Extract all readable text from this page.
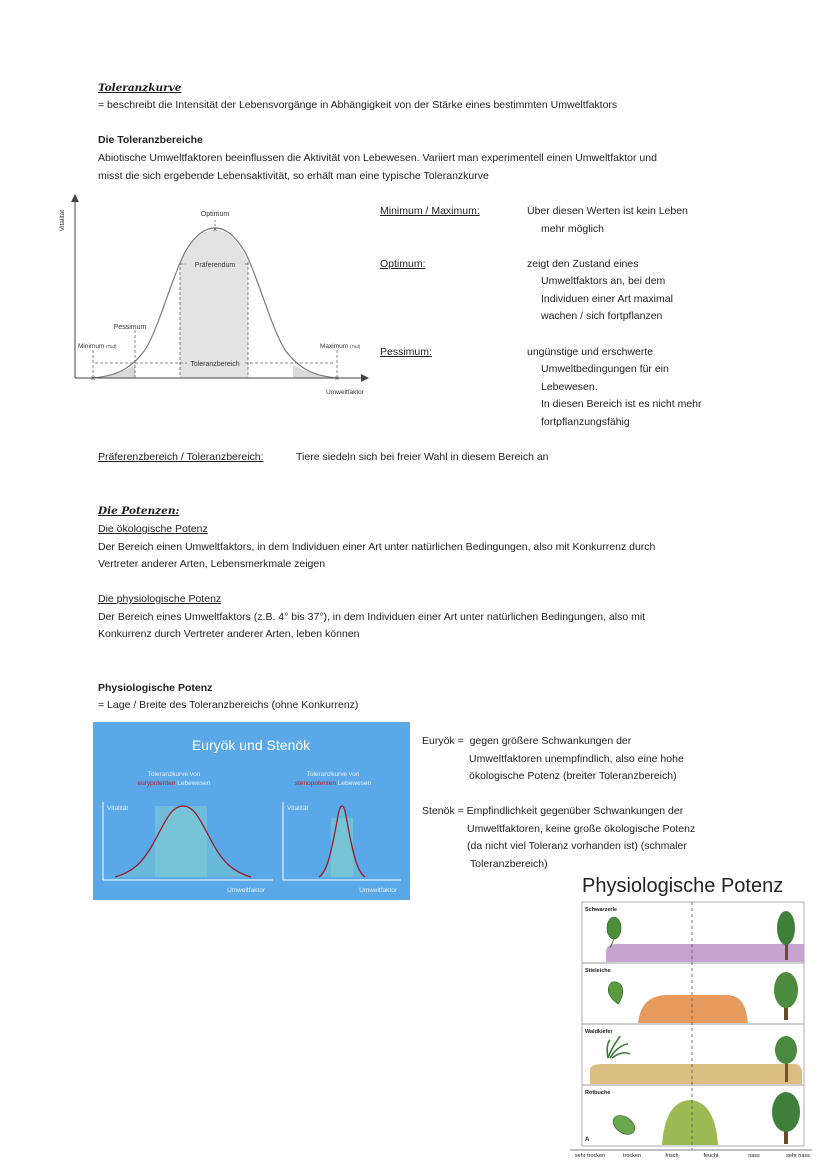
Toleranzkurve
= beschreibt die Intensität der Lebensvorgänge in Abhängigkeit von der Stärke eines bestimmten Umweltfaktors
Die Toleranzbereiche
Abiotische Umweltfaktoren beeinflussen die Aktivität von Lebewesen. Variiert man experimentell einen Umweltfaktor und
misst die sich ergebende Lebensaktivität, so erhält man eine typische Toleranzkurve
×
×	×
Vitalität	Optimum
Präferendum
Pessimum
Minimum (Tod)	Maximum (Tod)
Toleranzbereich
Umweltfaktor
Minimum / Maximum:	Über diesen Werten ist kein Leben
mehr möglich
Optimum:	zeigt den Zustand eines
Umweltfaktors an, bei dem
Individuen einer Art maximal
wachen / sich fortpflanzen
Pessimum:	ungünstige und erschwerte
Umweltbedingungen für ein
Lebewesen.
In diesen Bereich ist es nicht mehr
fortpflanzungsfähig
Präferenzbereich / Toleranzbereich:	Tiere siedeln sich bei freier Wahl in diesem Bereich an
Die Potenzen:
Die ökologische Potenz
Der Bereich einen Umweltfaktors, in dem Individuen einer Art unter natürlichen Bedingungen, also mit Konkurrenz durch
Vertreter anderer Arten, Lebensmerkmale zeigen
Die physiologische Potenz
Der Bereich eines Umweltfaktors (z.B. 4° bis 37°), in dem Individuen einer Art unter natürlichen Bedingungen, also mit
Konkurrenz durch Vertreter anderer Arten, leben können
Physiologische Potenz
= Lage / Breite des Toleranzbereichs (ohne Konkurrenz)
Euryök und Stenök
Toleranzkurve von
eurypotenten Lebewesen
Toleranzkurve von
stenopotenten Lebewesen
Vitalität
Umweltfaktor
Vitalität
Umweltfaktor
Euryök = gegen größere Schwankungen der
Umweltfaktoren unempfindlich, also eine hohe
ökologische Potenz (breiter Toleranzbereich)
Stenök = Empfindlichkeit gegenüber Schwankungen der
Umweltfaktoren, keine große ökologische Potenz
(da nicht viel Toleranz vorhanden ist) (schmaler
Toleranzbereich)
Physiologische Potenz
Schwarzerle
Stieleiche
Waldkiefer
Rotbuche
A
sehr trocken	trocken	frisch	feucht	nass	sehr nass
